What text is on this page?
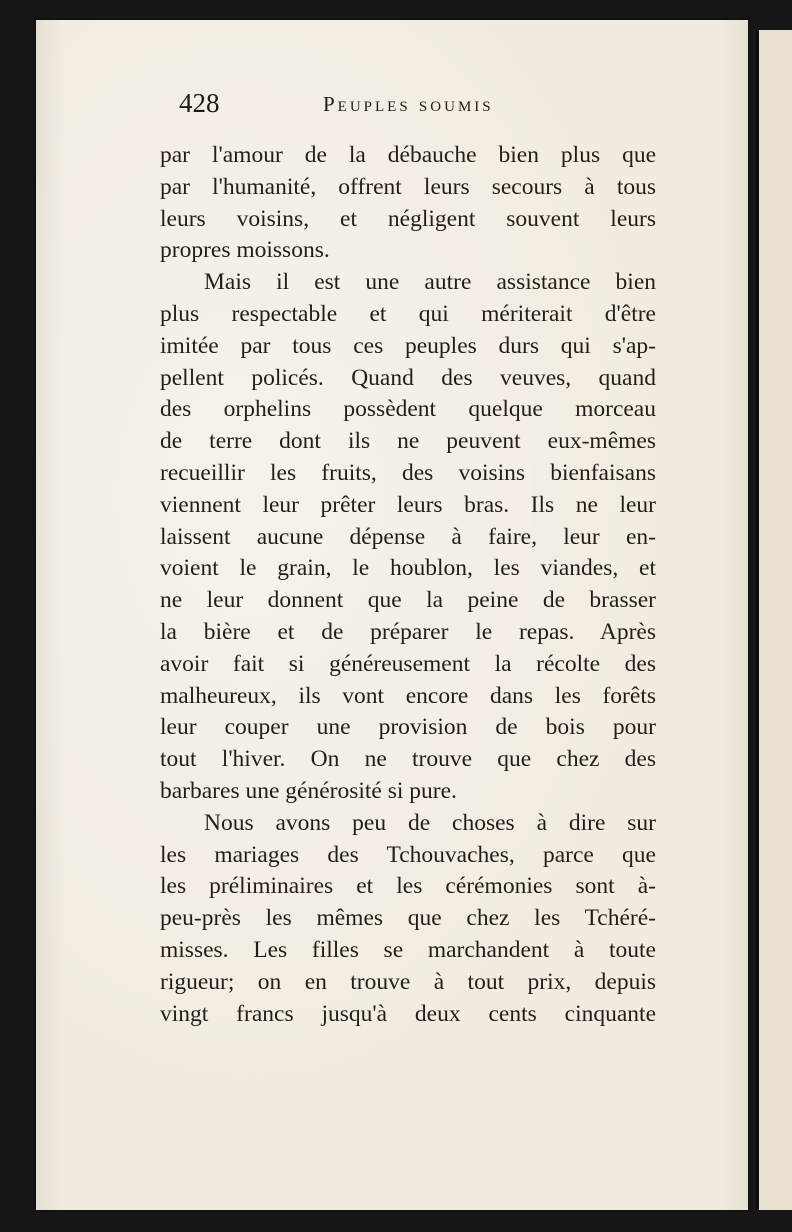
428	Peuples soumis
par l'amour de la débauche bien plus que
par l'humanité, offrent leurs secours à tous
leurs voisins, et négligent souvent leurs
propres moissons.
Mais il est une autre assistance bien
plus respectable et qui mériterait d'être
imitée par tous ces peuples durs qui s'ap-
pellent policés. Quand des veuves, quand
des orphelins possèdent quelque morceau
de terre dont ils ne peuvent eux-mêmes
recueillir les fruits, des voisins bienfaisans
viennent leur prêter leurs bras. Ils ne leur
laissent aucune dépense à faire, leur en-
voient le grain, le houblon, les viandes, et
ne leur donnent que la peine de brasser
la bière et de préparer le repas. Après
avoir fait si généreusement la récolte des
malheureux, ils vont encore dans les forêts
leur couper une provision de bois pour
tout l'hiver. On ne trouve que chez des
barbares une générosité si pure.
Nous avons peu de choses à dire sur
les mariages des Tchouvaches, parce que
les préliminaires et les cérémonies sont à-
peu-près les mêmes que chez les Tchéré-
misses. Les filles se marchandent à toute
rigueur; on en trouve à tout prix, depuis
vingt francs jusqu'à deux cents cinquante
